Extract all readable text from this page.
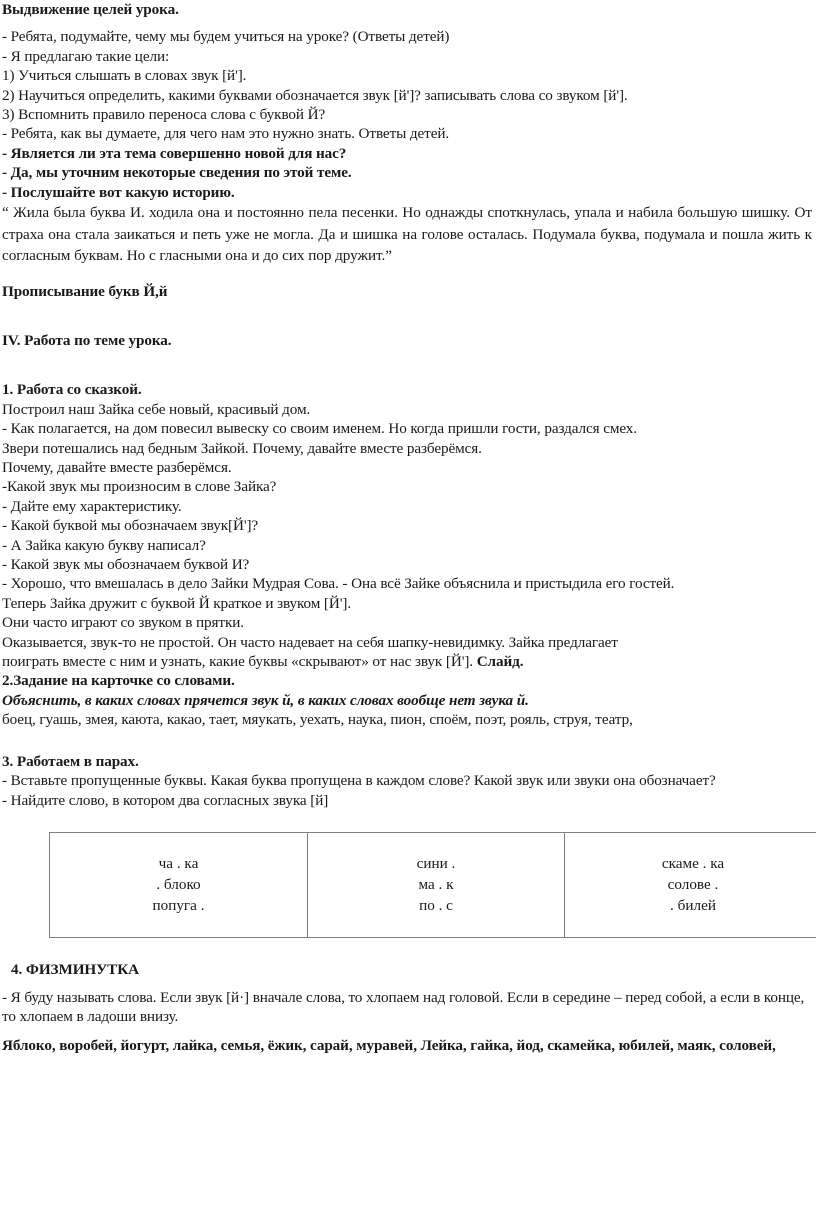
Выдвижение целей урока.
- Ребята, подумайте, чему мы будем учиться на уроке? (Ответы детей)
- Я предлагаю такие цели:
1) Учиться слышать в словах звук [й'].
2) Научиться определить, какими буквами обозначается звук [й']? записывать слова со звуком [й'].
3) Вспомнить правило переноса слова с буквой Й?
- Ребята, как вы думаете, для чего нам это нужно знать. Ответы детей.
- Является ли эта тема совершенно новой для нас?
- Да, мы уточним некоторые сведения по этой теме.
- Послушайте вот какую историю.
“ Жила была буква И. ходила она и постоянно пела песенки. Но однажды споткнулась, упала и набила большую шишку. От страха она стала заикаться и петь уже не могла. Да и шишка на голове осталась. Подумала буква, подумала и пошла жить к согласным буквам. Но с гласными она и до сих пор дружит.”
Прописывание букв Й,й
IV. Работа по теме урока.
1. Работа со сказкой.
Построил наш Зайка себе новый, красивый дом.
- Как полагается, на дом повесил вывеску со своим именем. Но когда пришли гости, раздался смех.
Звери потешались над бедным Зайкой. Почему, давайте вместе разберёмся.
Почему, давайте вместе разберёмся.
-Какой звук мы произносим в слове Зайка?
- Дайте ему характеристику.
- Какой буквой мы обозначаем звук[Й']?
- А Зайка какую букву написал?
- Какой звук мы обозначаем буквой И?
- Хорошо, что вмешалась в дело Зайки Мудрая Сова. - Она всё Зайке объяснила и пристыдила его гостей.
Теперь Зайка дружит с буквой Й краткое и звуком [Й'].
Они часто играют со звуком в прятки.
Оказывается, звук-то не простой. Он часто надевает на себя шапку-невидимку. Зайка предлагает
поиграть вместе с ним и узнать, какие буквы «скрывают» от нас звук [Й']. Слайд.
2.Задание на карточке со словами.
Объяснить, в каких словах прячется звук й, в каких словах вообще нет звука й.
боец, гуашь, змея, каюта, какао, тает, мяукать, уехать, наука, пион, споём, поэт, рояль, струя, театр,
3. Работаем в парах.
- Вставьте пропущенные буквы. Какая буква пропущена в каждом слове? Какой звук или звуки она обозначает?
- Найдите слово, в котором два согласных звука [й]
ча . ка
. блоко
попуга .

сини .
ма . к
по . с

скаме . ка
солове .
. билей
4. ФИЗМИНУТКА
- Я буду называть слова. Если звук [й·] вначале слова, то хлопаем над головой. Если в середине – перед собой, а если в конце, то хлопаем в ладоши внизу.
Яблоко, воробей, йогурт, лайка, семья, ёжик, сарай, муравей, Лейка, гайка, йод, скамейка, юбилей, маяк, соловей,
